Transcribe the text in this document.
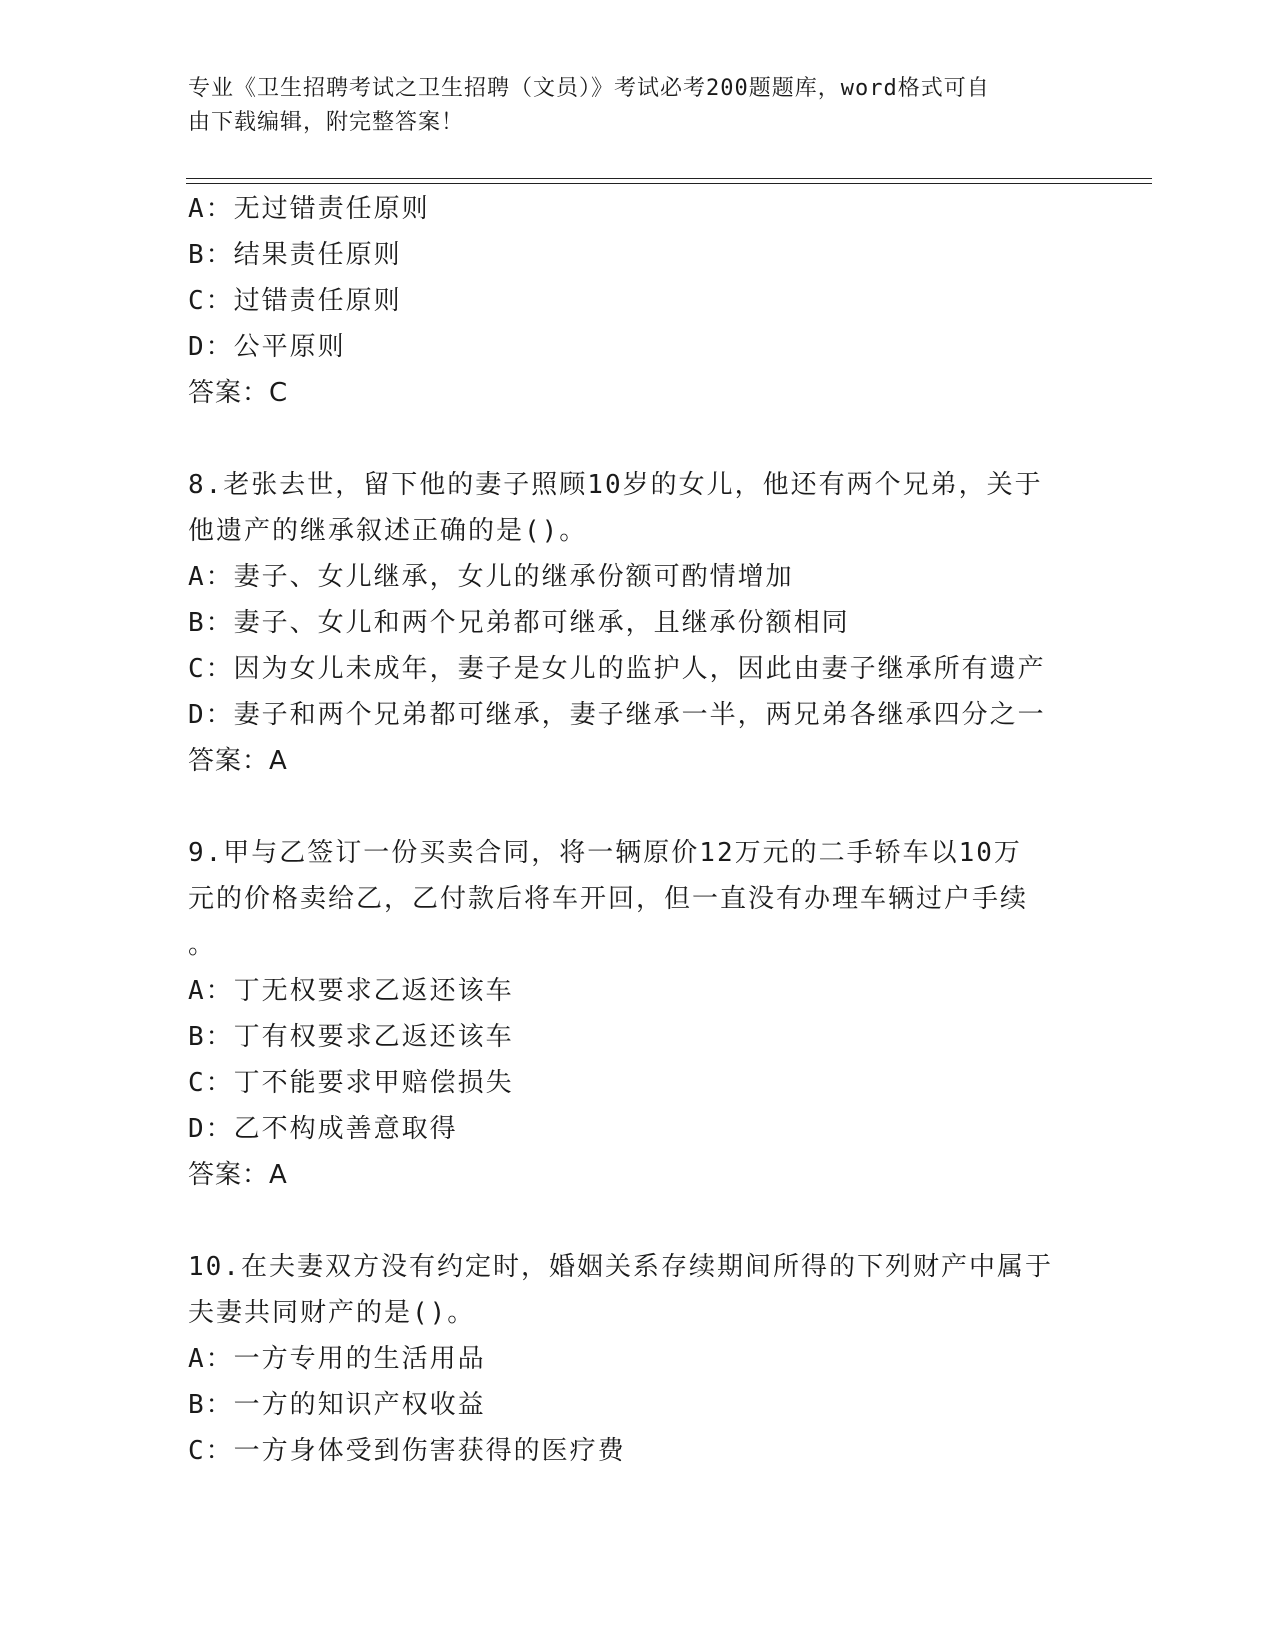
专业《卫生招聘考试之卫生招聘（文员）》考试必考200题题库，word格式可自
由下载编辑，附完整答案！
A：无过错责任原则
B：结果责任原则
C：过错责任原则
D：公平原则
答案：C
8.老张去世，留下他的妻子照顾10岁的女儿，他还有两个兄弟，关于
他遗产的继承叙述正确的是()。
A：妻子、女儿继承，女儿的继承份额可酌情增加
B：妻子、女儿和两个兄弟都可继承，且继承份额相同
C：因为女儿未成年，妻子是女儿的监护人，因此由妻子继承所有遗产
D：妻子和两个兄弟都可继承，妻子继承一半，两兄弟各继承四分之一
答案：A
9.甲与乙签订一份买卖合同，将一辆原价12万元的二手轿车以10万
元的价格卖给乙，乙付款后将车开回，但一直没有办理车辆过户手续
。
A：丁无权要求乙返还该车
B：丁有权要求乙返还该车
C：丁不能要求甲赔偿损失
D：乙不构成善意取得
答案：A
10.在夫妻双方没有约定时，婚姻关系存续期间所得的下列财产中属于
夫妻共同财产的是()。
A：一方专用的生活用品
B：一方的知识产权收益
C：一方身体受到伤害获得的医疗费
